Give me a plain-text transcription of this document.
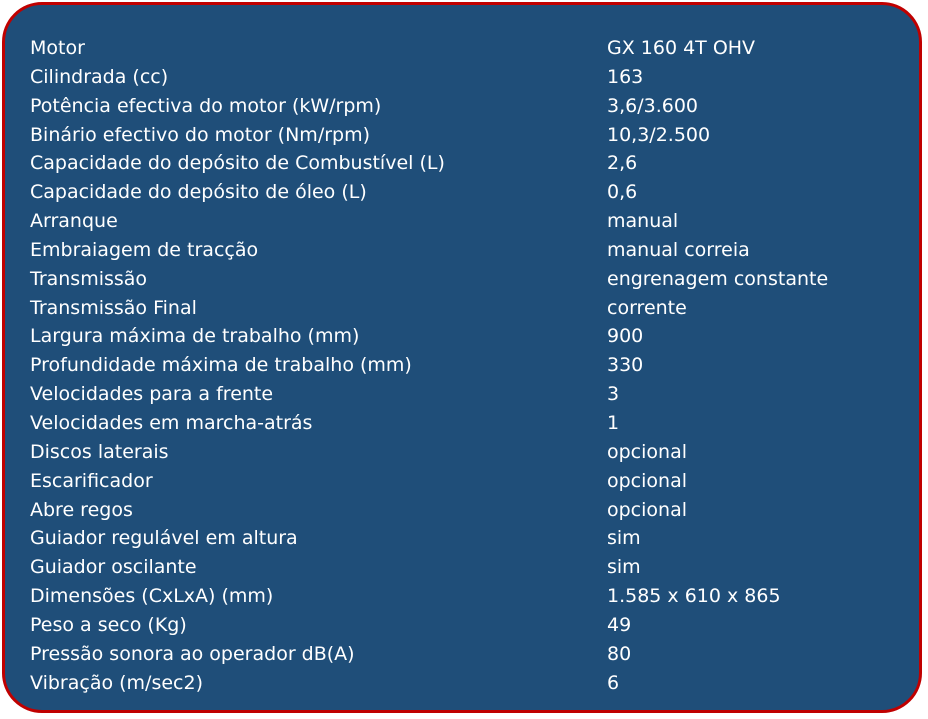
Motor	GX 160 4T OHV
Cilindrada (cc)	163
Potência efectiva do motor (kW/rpm)	3,6/3.600
Binário efectivo do motor (Nm/rpm)	10,3/2.500
Capacidade do depósito de Combustível (L)	2,6
Capacidade do depósito de óleo (L)	0,6
Arranque	manual
Embraiagem de tracção	manual correia
Transmissão	engrenagem constante
Transmissão Final	corrente
Largura máxima de trabalho (mm)	900
Profundidade máxima de trabalho (mm)	330
Velocidades para a frente	3
Velocidades em marcha-atrás	1
Discos laterais	opcional
Escarificador	opcional
Abre regos	opcional
Guiador regulável em altura	sim
Guiador oscilante	sim
Dimensões (CxLxA) (mm)	1.585 x 610 x 865
Peso a seco (Kg)	49
Pressão sonora ao operador dB(A)	80
Vibração (m/sec2)	6
